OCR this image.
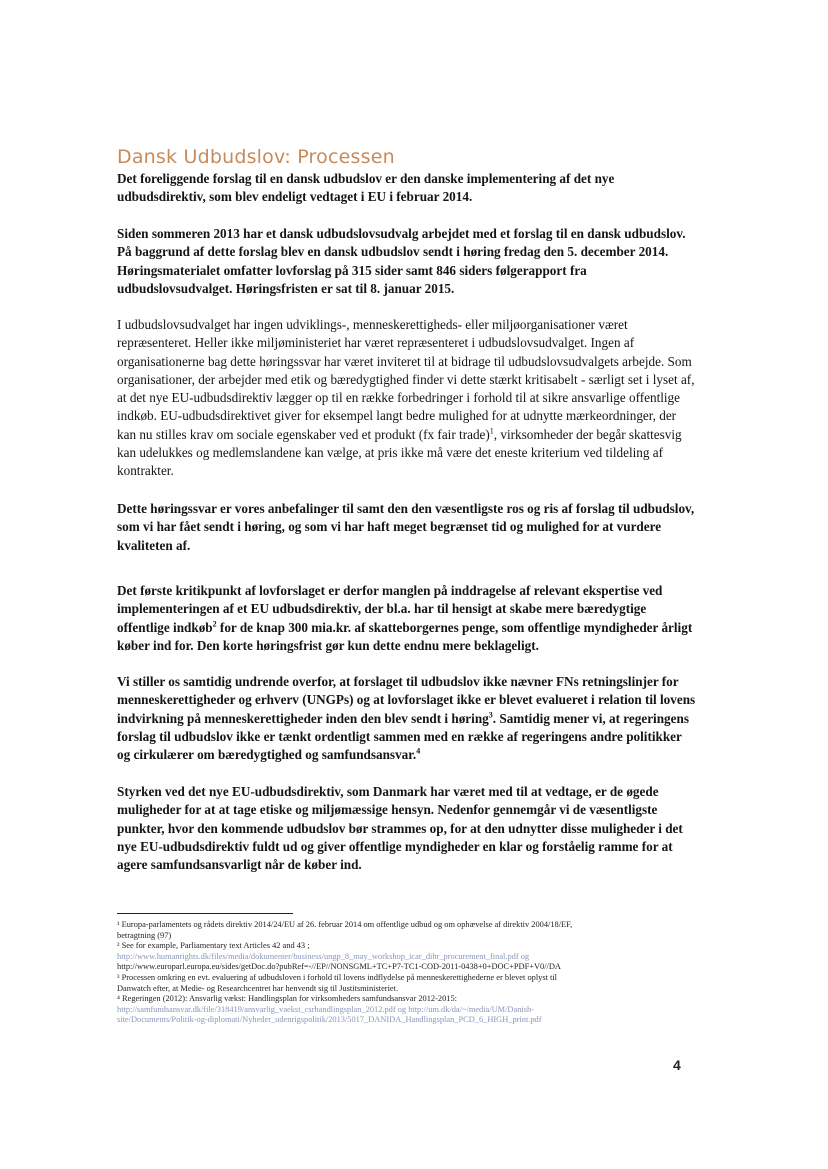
Dansk Udbudslov: Processen
Det foreliggende forslag til en dansk udbudslov er den danske implementering af det nye udbudsdirektiv, som blev endeligt vedtaget i EU i februar 2014.
Siden sommeren 2013 har et dansk udbudslovsudvalg arbejdet med et forslag til en dansk udbudslov. På baggrund af dette forslag blev en dansk udbudslov sendt i høring fredag den 5. december 2014. Høringsmaterialet omfatter lovforslag på 315 sider samt 846 siders følgerapport fra udbudslovsudvalget. Høringsfristen er sat til 8. januar 2015.
I udbudslovsudvalget har ingen udviklings-, menneskerettigheds- eller miljøorganisationer været repræsenteret. Heller ikke miljøministeriet har været repræsenteret i udbudslovsudvalget. Ingen af organisationerne bag dette høringssvar har været inviteret til at bidrage til udbudslovsudvalgets arbejde. Som organisationer, der arbejder med etik og bæredygtighed finder vi dette stærkt kritisabelt - særligt set i lyset af, at det nye EU-udbudsdirektiv lægger op til en række forbedringer i forhold til at sikre ansvarlige offentlige indkøb. EU-udbudsdirektivet giver for eksempel langt bedre mulighed for at udnytte mærkeordninger, der kan nu stilles krav om sociale egenskaber ved et produkt (fx fair trade)$^1$, virksomheder der begår skattesvig kan udelukkes og medlemslandene kan vælge, at pris ikke må være det eneste kriterium ved tildeling af kontrakter.
Dette høringssvar er vores anbefalinger til samt den den væsentligste ros og ris af forslag til udbudslov, som vi har fået sendt i høring, og som vi har haft meget begrænset tid og mulighed for at vurdere kvaliteten af.
Det første kritikpunkt af lovforslaget er derfor manglen på inddragelse af relevant ekspertise ved implementeringen af et EU udbudsdirektiv, der bl.a. har til hensigt at skabe mere bæredygtige offentlige indkøb$^2$ for de knap 300 mia.kr. af skatteborgernes penge, som offentlige myndigheder årligt køber ind for. Den korte høringsfrist gør kun dette endnu mere beklageligt.
Vi stiller os samtidig undrende overfor, at forslaget til udbudslov ikke nævner FNs retningslinjer for menneskerettigheder og erhverv (UNGPs) og at lovforslaget ikke er blevet evalueret i relation til lovens indvirkning på menneskerettigheder inden den blev sendt i høring$^3$. Samtidig mener vi, at regeringens forslag til udbudslov ikke er tænkt ordentligt sammen med en række af regeringens andre politikker og cirkulærer om bæredygtighed og samfundsansvar.$^4$
Styrken ved det nye EU-udbudsdirektiv, som Danmark har været med til at vedtage, er de øgede muligheder for at at tage etiske og miljømæssige hensyn. Nedenfor gennemgår vi de væsentligste punkter, hvor den kommende udbudslov bør strammes op, for at den udnytter disse muligheder i det nye EU-udbudsdirektiv fuldt ud og giver offentlige myndigheder en klar og forståelig ramme for at agere samfundsansvarligt når de køber ind.
¹ Europa-parlamentets og rådets direktiv 2014/24/EU af 26. februar 2014 om offentlige udbud og om ophævelse af direktiv 2004/18/EF,
betragtning (97)
² See for example, Parliamentary text Articles 42 and 43 ;
http://www.humanrights.dk/files/media/dokumenter/business/ungp_8_may_workshop_icar_dihr_procurement_final.pdf og
http://www.europarl.europa.eu/sides/getDoc.do?pubRef=-//EP//NONSGML+TC+P7-TC1-COD-2011-0438+0+DOC+PDF+V0//DA
³ Processen omkring en evt. evaluering af udbudsloven i forhold til lovens indflydelse på menneskerettighederne er blevet oplyst til
Danwatch efter, at Medie- og Researchcentret har henvendt sig til Justitsministeriet.
⁴ Regeringen (2012): Ansvarlig vækst: Handlingsplan for virksomheders samfundsansvar 2012-2015:
http://samfundsansvar.dk/file/318419/ansvarlig_vaekst_csrhandlingsplan_2012.pdf og http://um.dk/da/~/media/UM/Danish-
site/Documents/Politik-og-diplomati/Nyheder_udenrigspolitik/2013/5017_DANIDA_Handlingsplan_PCD_6_HIGH_print.pdf
4
